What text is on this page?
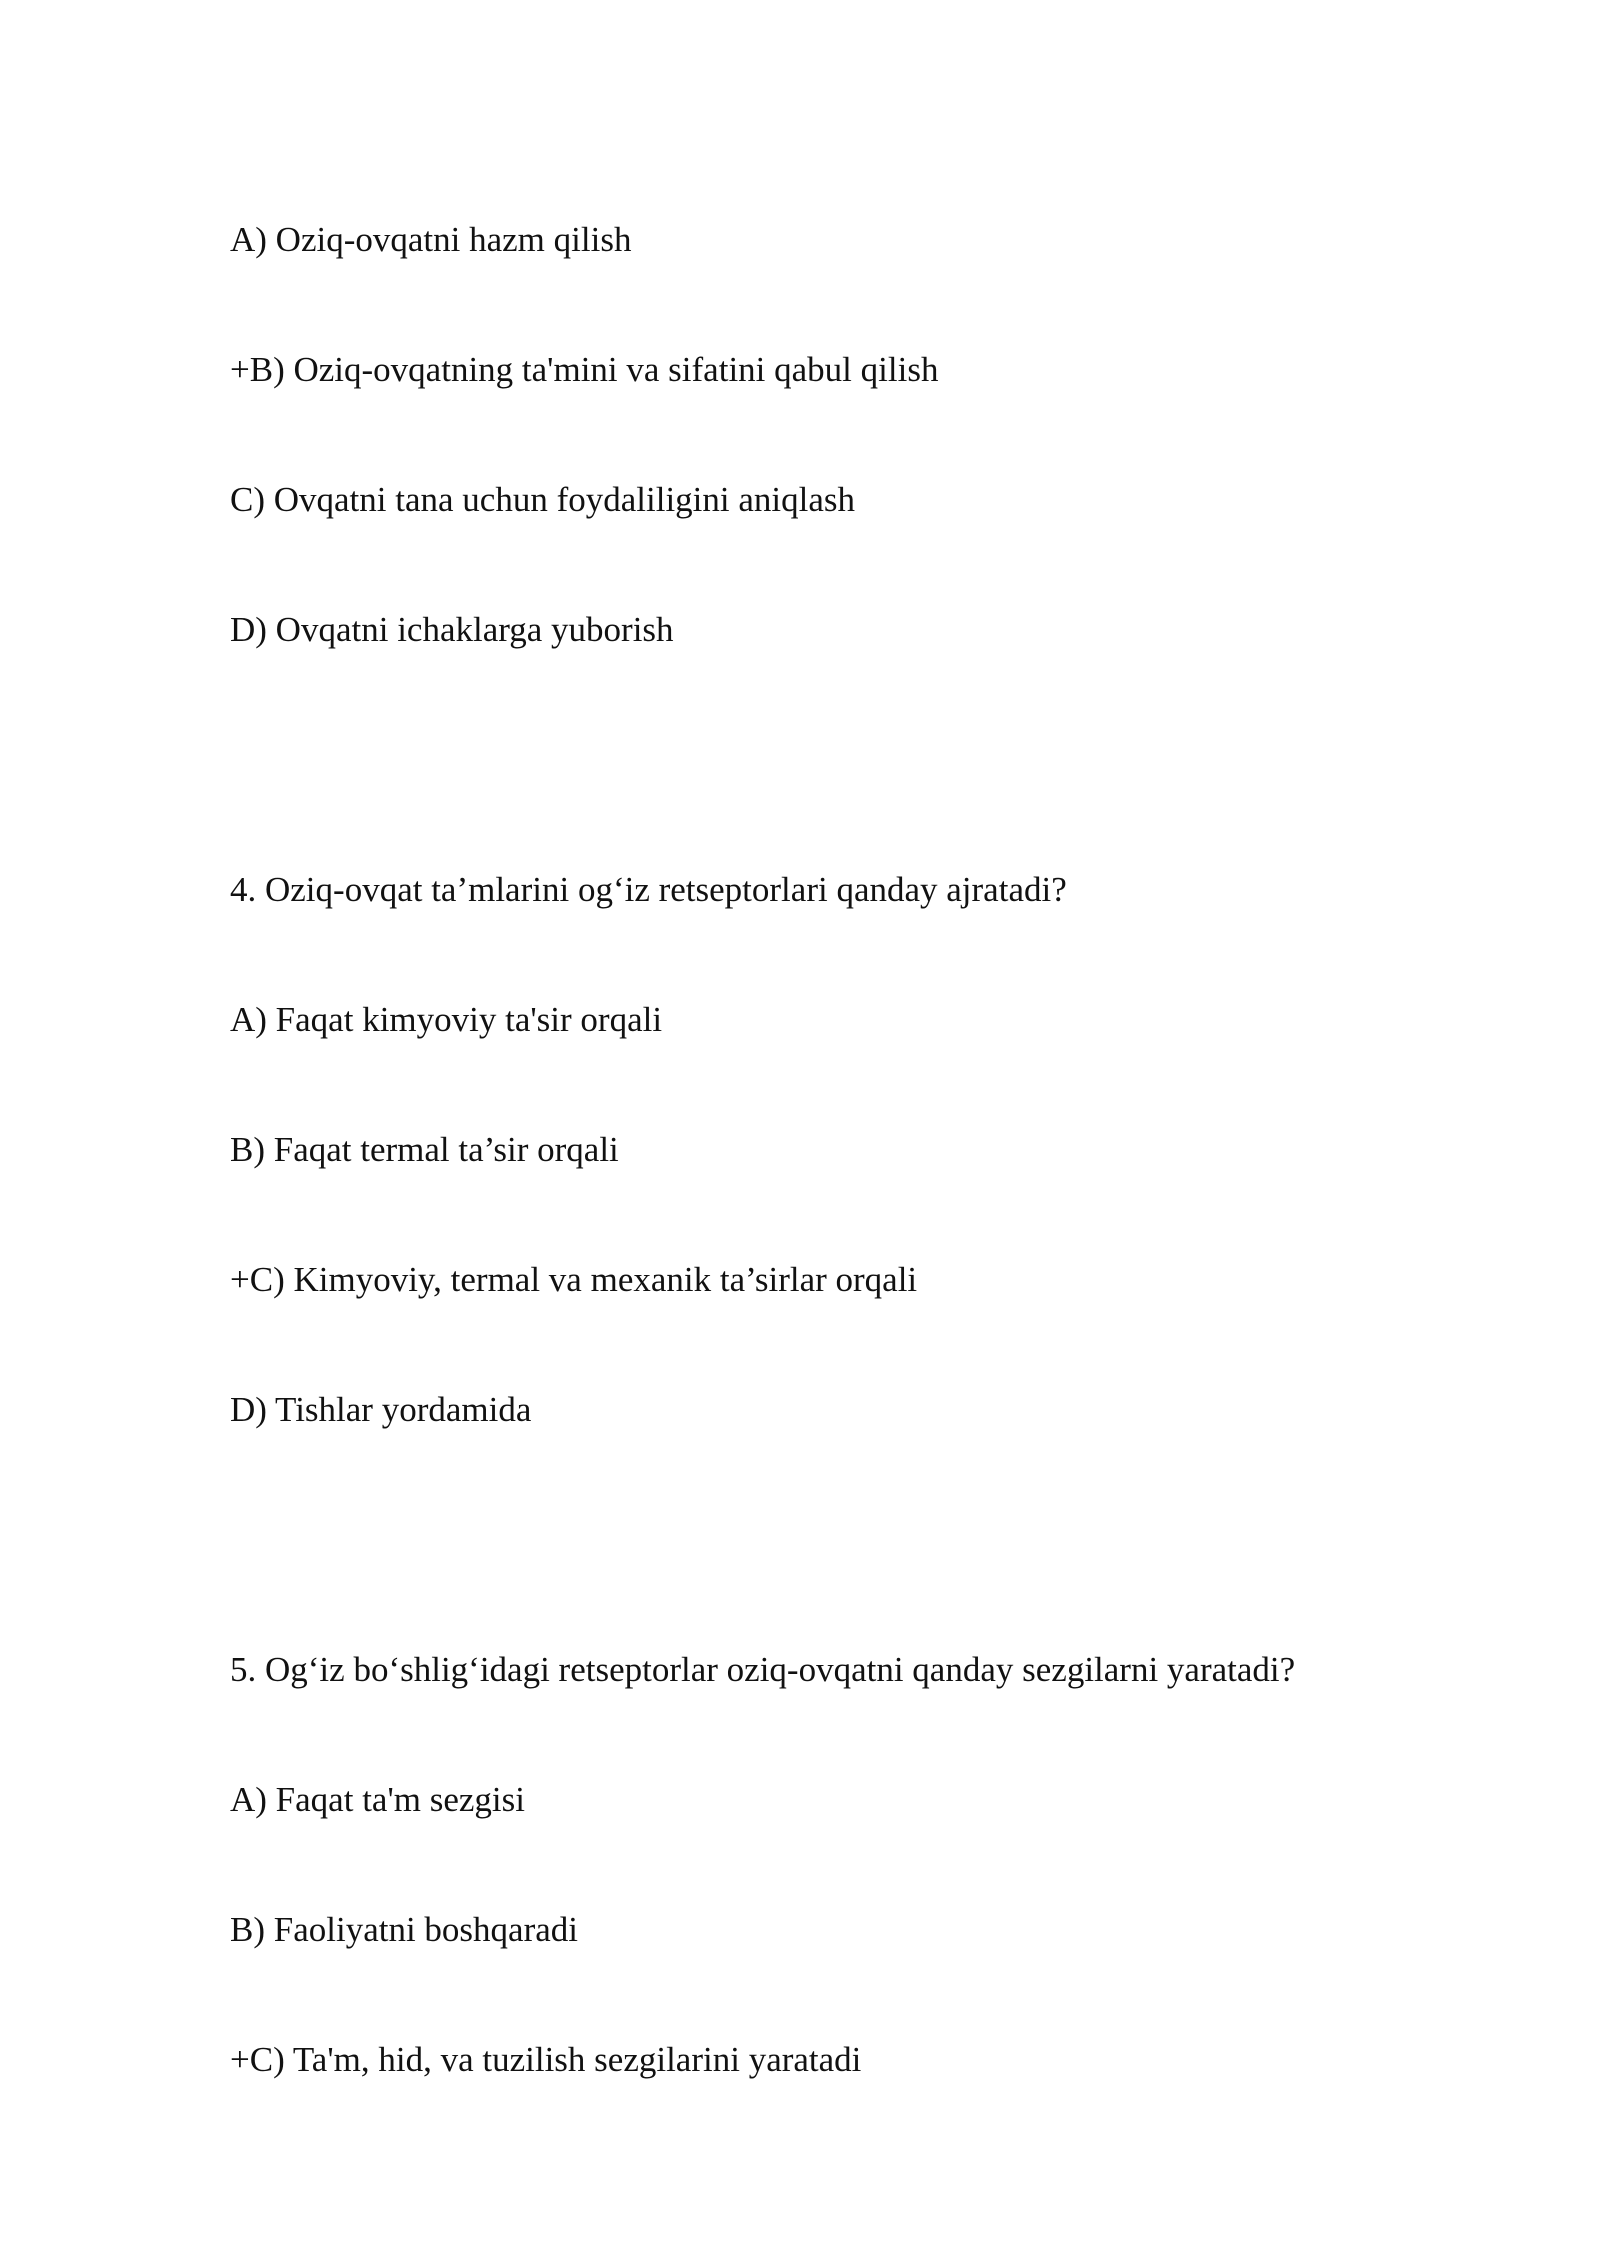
A) Oziq-ovqatni hazm qilish

+B) Oziq-ovqatning ta'mini va sifatini qabul qilish

C) Ovqatni tana uchun foydaliligini aniqlash

D) Ovqatni ichaklarga yuborish

4. Oziq-ovqat ta’mlarini og‘iz retseptorlari qanday ajratadi?

A) Faqat kimyoviy ta'sir orqali

B) Faqat termal ta’sir orqali

+C) Kimyoviy, termal va mexanik ta’sirlar orqali

D) Tishlar yordamida

5. Og‘iz bo‘shlig‘idagi retseptorlar oziq-ovqatni qanday sezgilarni yaratadi?

A) Faqat ta'm sezgisi

B) Faoliyatni boshqaradi

+C) Ta'm, hid, va tuzilish sezgilarini yaratadi
